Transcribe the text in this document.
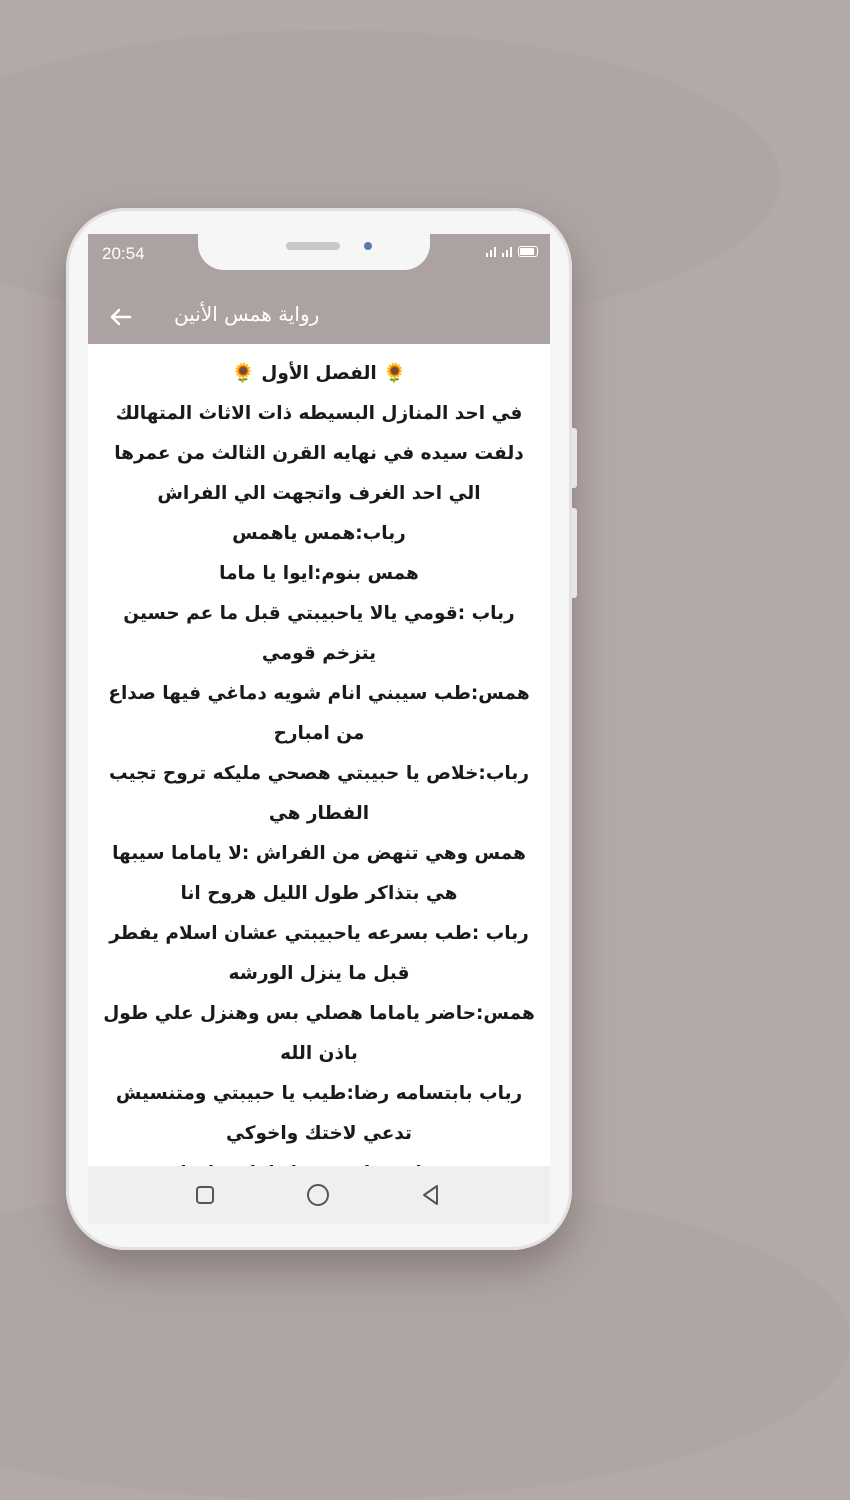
20:54
رواية همس الأنين

🌻 الفصل الأول 🌻

في احد المنازل البسيطه ذات الاثاث المتهالك

دلفت سيده في نهايه القرن الثالث من عمرها الي احد الغرف واتجهت الي الفراش

رباب:همس ياهمس

همس بنوم:ايوا يا ماما

رباب :قومي يالا ياحبيبتي قبل ما عم حسين يتزخم قومي

همس:طب سيبني انام شويه دماغي فيها صداع من امبارح

رباب:خلاص يا حبيبتي هصحي مليكه تروح تجيب الفطار هي

همس وهي تنهض من الفراش :لا ياماما سيبها هي بتذاكر طول الليل هروح انا

رباب :طب بسرعه ياحبيبتي عشان اسلام يفطر قبل ما ينزل الورشه

همس:حاضر ياماما هصلي بس وهنزل علي طول باذن الله

رباب بابتسامه رضا:طيب يا حبيبتي ومتنسيش تدعي لاختك واخوكي
